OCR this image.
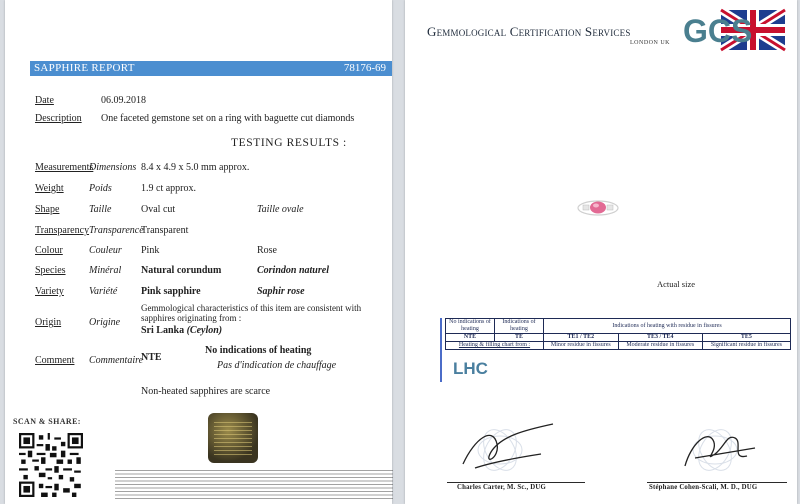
SAPPHIRE REPORT	78176-69
Date	06.09.2018
Description One faceted gemstone set on a ring with baguette cut diamonds
TESTING RESULTS :
Measurements
Dimensions 8.4 x 4.9 x 5.0 mm approx.
Weight	Poids	1.9 ct approx.
Shape	Taille	Oval cut	Taille ovale
Transparency Transparence
Transparent
Colour	Couleur Pink	Rose
Species Minéral Natural corundum	Corindon naturel
Variety	Variété Pink sapphire	Saphir rose
Origin	Origine
Gemmological characteristics of this item are consistent with sapphires originating from :
Sri Lanka (Ceylon)
Comment Commentaire
NTE
No indications of heating
Pas d'indication de chauffage
Non-heated sapphires are scarce
SCAN & SHARE:
Gemmological Certification Services
LONDON UK GCS
Actual size
No indications of heating	Indications of heating	Indications of heating with residue in fissures		
NTE	TE	TE1 / TE2	TE3 / TE4	TE5
Heating & filling chart from :		Minor residue in fissures	Moderate residue in fissures	Significant residue in fissures
LHC
Charles Carter, M. Sc., DUG	Stéphane Cohen-Scali, M. D., DUG
